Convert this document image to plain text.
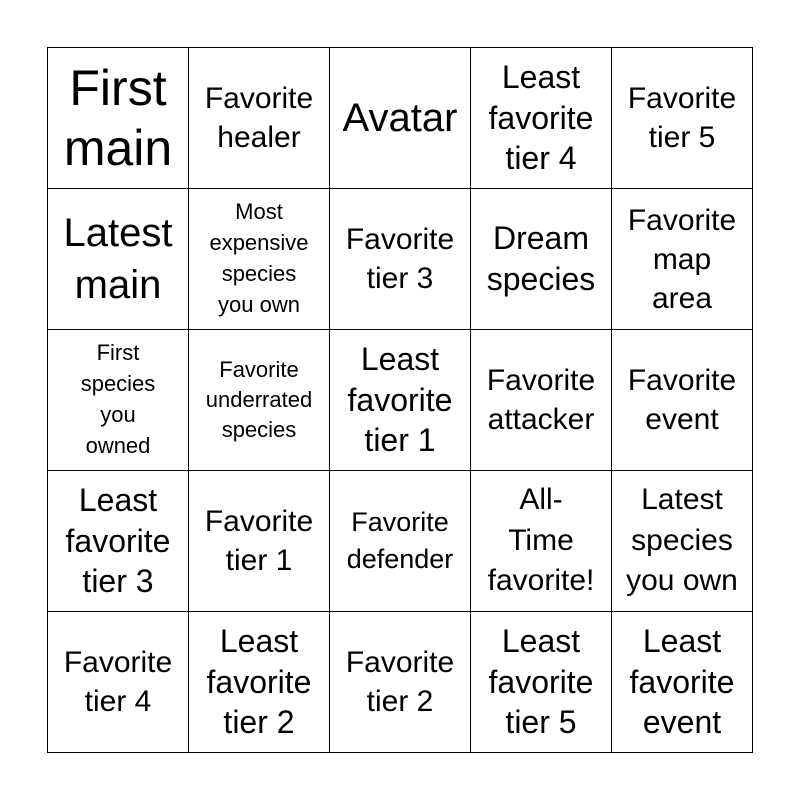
First
main
Favorite
healer	Avatar
Least
favorite
tier 4
Favorite
tier 5
Latest
main
Most
expensive
species
you own
Favorite
tier 3
Dream
species
Favorite
map
area
First
species
you
owned
Favorite
underrated
species
Least
favorite
tier 1
Favorite
attacker
Favorite
event
Least
favorite
tier 3
Favorite
tier 1
Favorite
defender
All-
Time
favorite!
Latest
species
you own
Favorite
tier 4
Least
favorite
tier 2
Favorite
tier 2
Least
favorite
tier 5
Least
favorite
event
